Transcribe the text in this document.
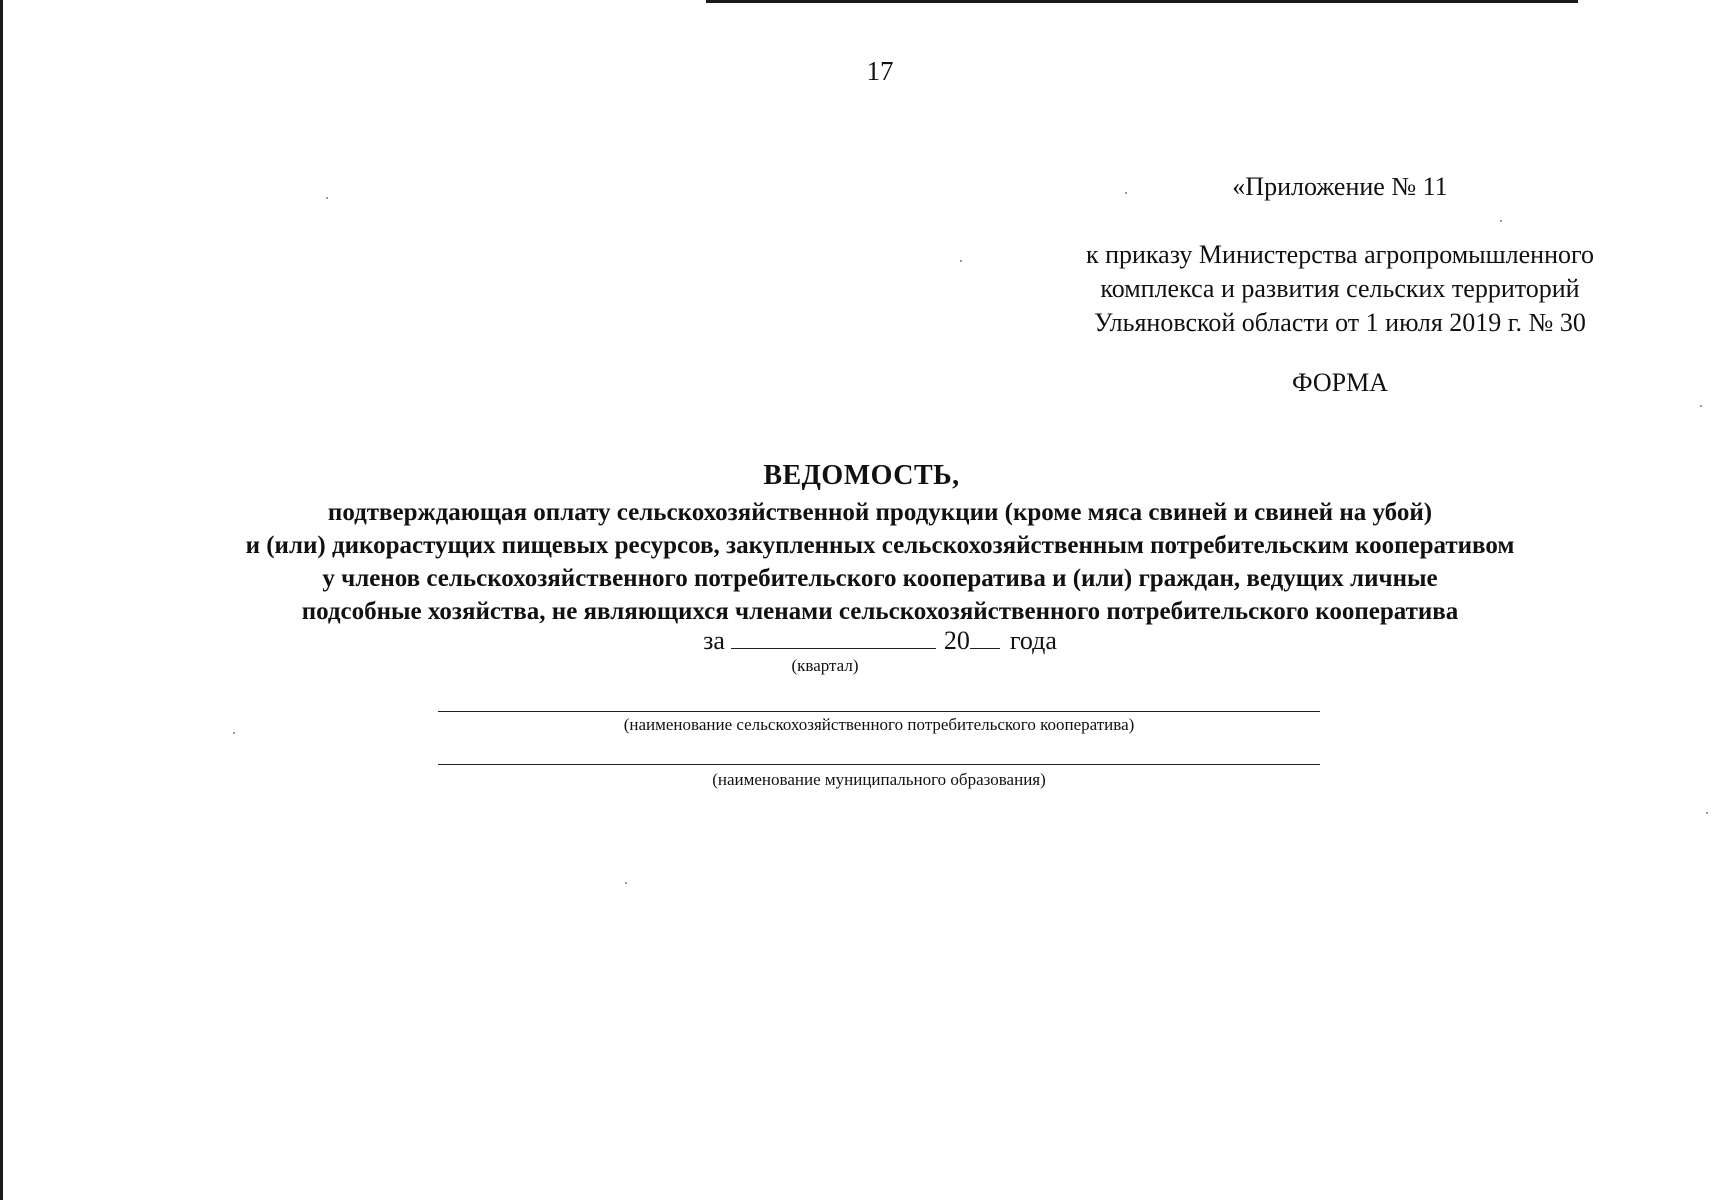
17
«Приложение № 11
к приказу Министерства агропромышленного
комплекса и развития сельских территорий
Ульяновской области от 1 июля 2019 г. № 30
ФОРМА
ВЕДОМОСТЬ,
подтверждающая оплату сельскохозяйственной продукции (кроме мяса свиней и свиней на убой)
и (или) дикорастущих пищевых ресурсов, закупленных сельскохозяйственным потребительским кооперативом
у членов сельскохозяйственного потребительского кооператива и (или) граждан, ведущих личные
подсобные хозяйства, не являющихся членами сельскохозяйственного потребительского кооператива
за	20 года
(квартал)
(наименование сельскохозяйственного потребительского кооператива)
(наименование муниципального образования)
